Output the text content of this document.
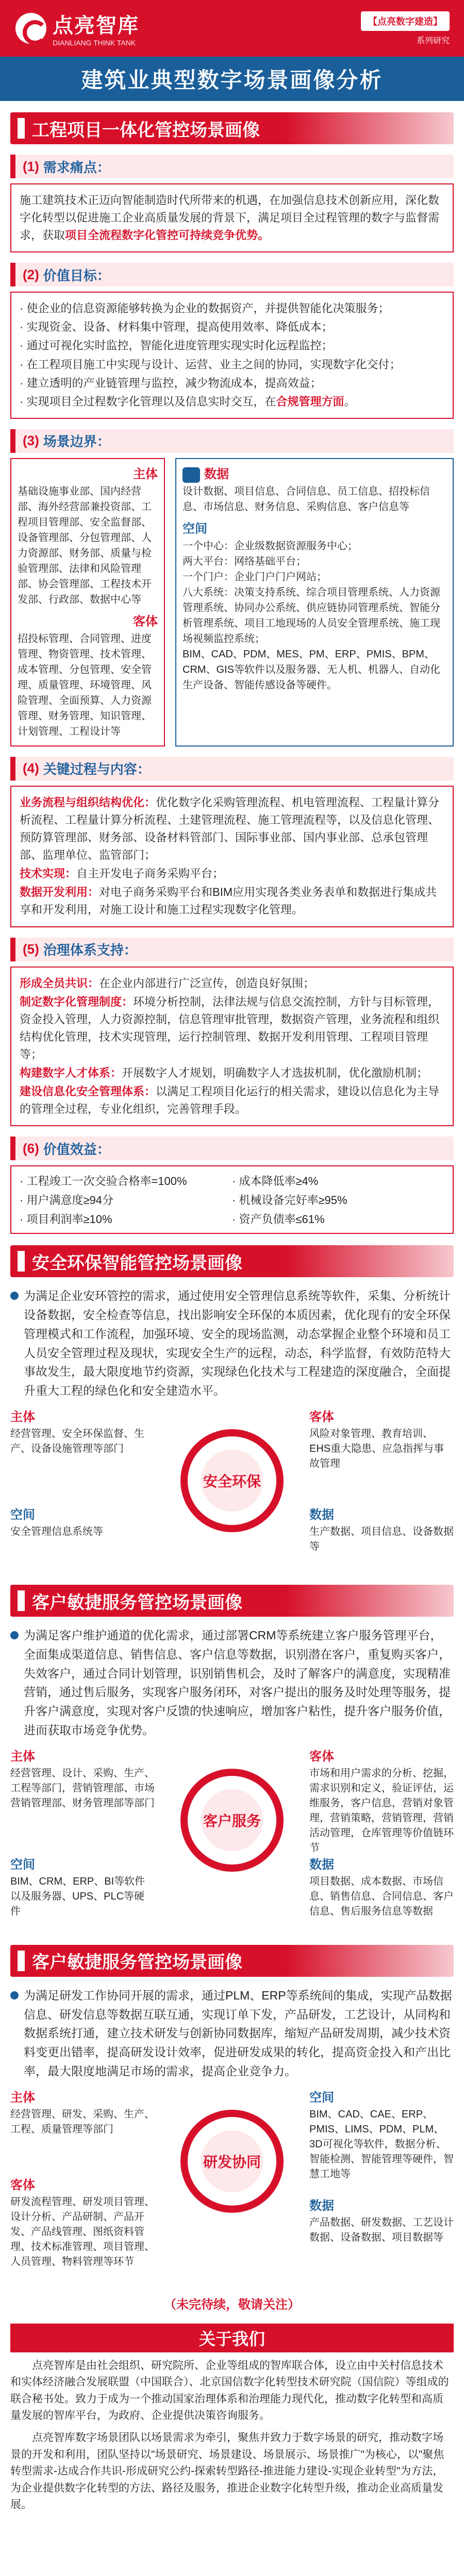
点亮智库
DIANLIANG THINK TANK
【点亮数字建造】
系列研究
建筑业典型数字场景画像分析
工程项目一体化管控场景画像
(1) 需求痛点：

施工建筑技术正迈向智能制造时代所带来的机遇，在加强信息技术创新应用，深化数字化转型以促进施工企业高质量发展的背景下，满足项目全过程管理的数字与监督需求，获取项目全流程数字化管控可持续竞争优势。

(2) 价值目标：

· 使企业的信息资源能够转换为企业的数据资产，并提供智能化决策服务；

· 实现资金、设备、材料集中管理，提高使用效率、降低成本；

· 通过可视化实时监控，智能化进度管理实现实时化远程监控；

· 在工程项目施工中实现与设计、运营、业主之间的协同，实现数字化交付；

· 建立透明的产业链管理与监控，减少物流成本，提高效益；

· 实现项目全过程数字化管理以及信息实时交互，在合规管理方面。

(3) 场景边界：
主体

基础设施事业部、国内经营部、海外经营部兼投资部、工程项目管理部、安全监督部、设备管理部、分包管理部、人力资源部、财务部、质量与检验管理部、法律和风险管理部、协会管理部、工程技术开发部、行政部、数据中心等

客体

招投标管理、合同管理、进度管理、物资管理、技术管理、成本管理、分包管理、安全管理、质量管理、环境管理、风险管理、全面预算、人力资源管理、财务管理、知识管理、计划管理、工程设计等

数据

设计数据、项目信息、合同信息、员工信息、招投标信息、市场信息、财务信息、采购信息、客户信息等

空间

一个中心：企业级数据资源服务中心；

两大平台：网络基础平台；

一个门户：企业门户门户网站；

八大系统：决策支持系统、综合项目管理系统、人力资源管理系统、协同办公系统、供应链协同管理系统、智能分析管理系统、项目工地现场的人员安全管理系统、施工现场视频监控系统；

BIM、CAD、PDM、MES、PM、ERP、PMIS、BPM、CRM、GIS等软件以及服务器、无人机、机器人、自动化生产设备、智能传感设备等硬件。

(4) 关键过程与内容：

业务流程与组织结构优化：优化数字化采购管理流程、机电管理流程、工程量计算分析流程、工程量计算分析流程、土建管理流程、施工管理流程等，以及信息化管理、预防算管理部、财务部、设备材料管部门、国际事业部、国内事业部、总承包管理部、监理单位、监管部门；

技术实现：自主开发电子商务采购平台；

数据开发利用：对电子商务采购平台和BIM应用实现各类业务表单和数据进行集成共享和开发利用，对施工设计和施工过程实现数字化管理。

(5) 治理体系支持：

形成全员共识：在企业内部进行广泛宣传，创造良好氛围；

制定数字化管理制度：环境分析控制，法律法规与信息交流控制，方针与目标管理，资金投入管理，人力资源控制，信息管理审批管理，数据资产管理，业务流程和组织结构优化管理，技术实现管理，运行控制管理、数据开发利用管理、工程项目管理等；

构建数字人才体系：开展数字人才规划，明确数字人才选拔机制，优化激励机制；

建设信息化安全管理体系：以满足工程项目化运行的相关需求，建设以信息化为主导的管理全过程，专业化组织，完善管理手段。

(6) 价值效益：
· 工程竣工一次交验合格率=100%	· 成本降低率≥4%
· 用户满意度≥94分	· 机械设备完好率≥95%
· 项目利润率≥10%	· 资产负债率≤61%
安全环保智能管控场景画像

为满足企业安环管控的需求，通过使用安全管理信息系统等软件，采集、分析统计设备数据，安全检查等信息，找出影响安全环保的本质因素，优化现有的安全环保管理模式和工作流程，加强环境、安全的现场监测，动态掌握企业整个环境和员工人员安全管理过程及现状，实现安全生产的远程，动态，科学监督，有效防范特大事故发生，最大限度地节约资源，实现绿色化技术与工程建造的深度融合，全面提升重大工程的绿色化和安全建造水平。

安全环保
主体
经营管理、安全环保监督、生产、设备设施管理等部门
客体
风险对象管理、教育培训、EHS重大隐患、应急指挥与事故管理
空间
安全管理信息系统等
数据
生产数据、项目信息、设备数据等
客户敏捷服务管控场景画像

为满足客户维护通道的优化需求，通过部署CRM等系统建立客户服务管理平台，全面集成渠道信息、销售信息、客户信息等数据，识别潜在客户，重复购买客户，失效客户，通过合同计划管理，识别销售机会，及时了解客户的满意度，实现精准营销，通过售后服务，实现客户服务闭环，对客户提出的服务及时处理等服务，提升客户满意度，实现对客户反馈的快速响应，增加客户粘性，提升客户服务价值，进而获取市场竞争优势。

客户服务
主体
经营管理、设计、采购、生产、工程等部门，营销管理部、市场营销管理部、财务管理部等部门
客体
市场和用户需求的分析、挖掘，需求识别和定义，验证评估，运维服务，客户信息，营销对象管理，营销策略，营销管理，营销活动管理，仓库管理等价值链环节
空间
BIM、CRM、ERP、BI等软件以及服务器、UPS、PLC等硬件
数据
项目数据、成本数据、市场信息、销售信息、合同信息、客户信息、售后服务信息等数据
客户敏捷服务管控场景画像

为满足研发工作协同开展的需求，通过PLM、ERP等系统间的集成，实现产品数据信息、研发信息等数据互联互通，实现订单下发，产品研发，工艺设计，从同构和数据系统打通，建立技术研发与创新协同数据库，缩短产品研发周期，减少技术资料变更出错率，提高研发设计效率，促进研发成果的转化，提高资金投入和产出比率，最大限度地满足市场的需求，提高企业竞争力。

研发协同
主体
经营管理、研发、采购、生产、工程、质量管理等部门
空间
BIM、CAD、CAE、ERP、PMIS、LIMS、PDM、PLM、3D可视化等软件，数据分析、智能检测、智能管理等硬件，智慧工地等
客体
研发流程管理、研发项目管理、设计分析、产品研制、产品开发、产品线管理、图纸资料管理、技术标准管理、项目管理、人员管理、物料管理等环节
数据
产品数据、研发数据、工艺设计数据、设备数据、项目数据等
（未完待续，敬请关注）
关于我们

点亮智库是由社会组织、研究院所、企业等组成的智库联合体，设立由中关村信息技术和实体经济融合发展联盟（中国联合）、北京国信数字化转型技术研究院（国信院）等组成的联合秘书处。致力于成为一个推动国家治理体系和治理能力现代化，推动数字化转型和高质量发展的智库平台，为政府、企业提供决策咨询服务。

点亮智库数字场景团队以场景需求为牵引，聚焦并致力于数字场景的研究，推动数字场景的开发和利用，团队坚持以"场景研究、场景建设、场景展示、场景推广"为核心，以"聚焦转型需求-达成合作共识-形成研究公约-探索转型路径-推进能力建设-实现企业转型"为方法，为企业提供数字化转型的方法、路径及服务，推进企业数字化转型升级，推动企业高质量发展。
